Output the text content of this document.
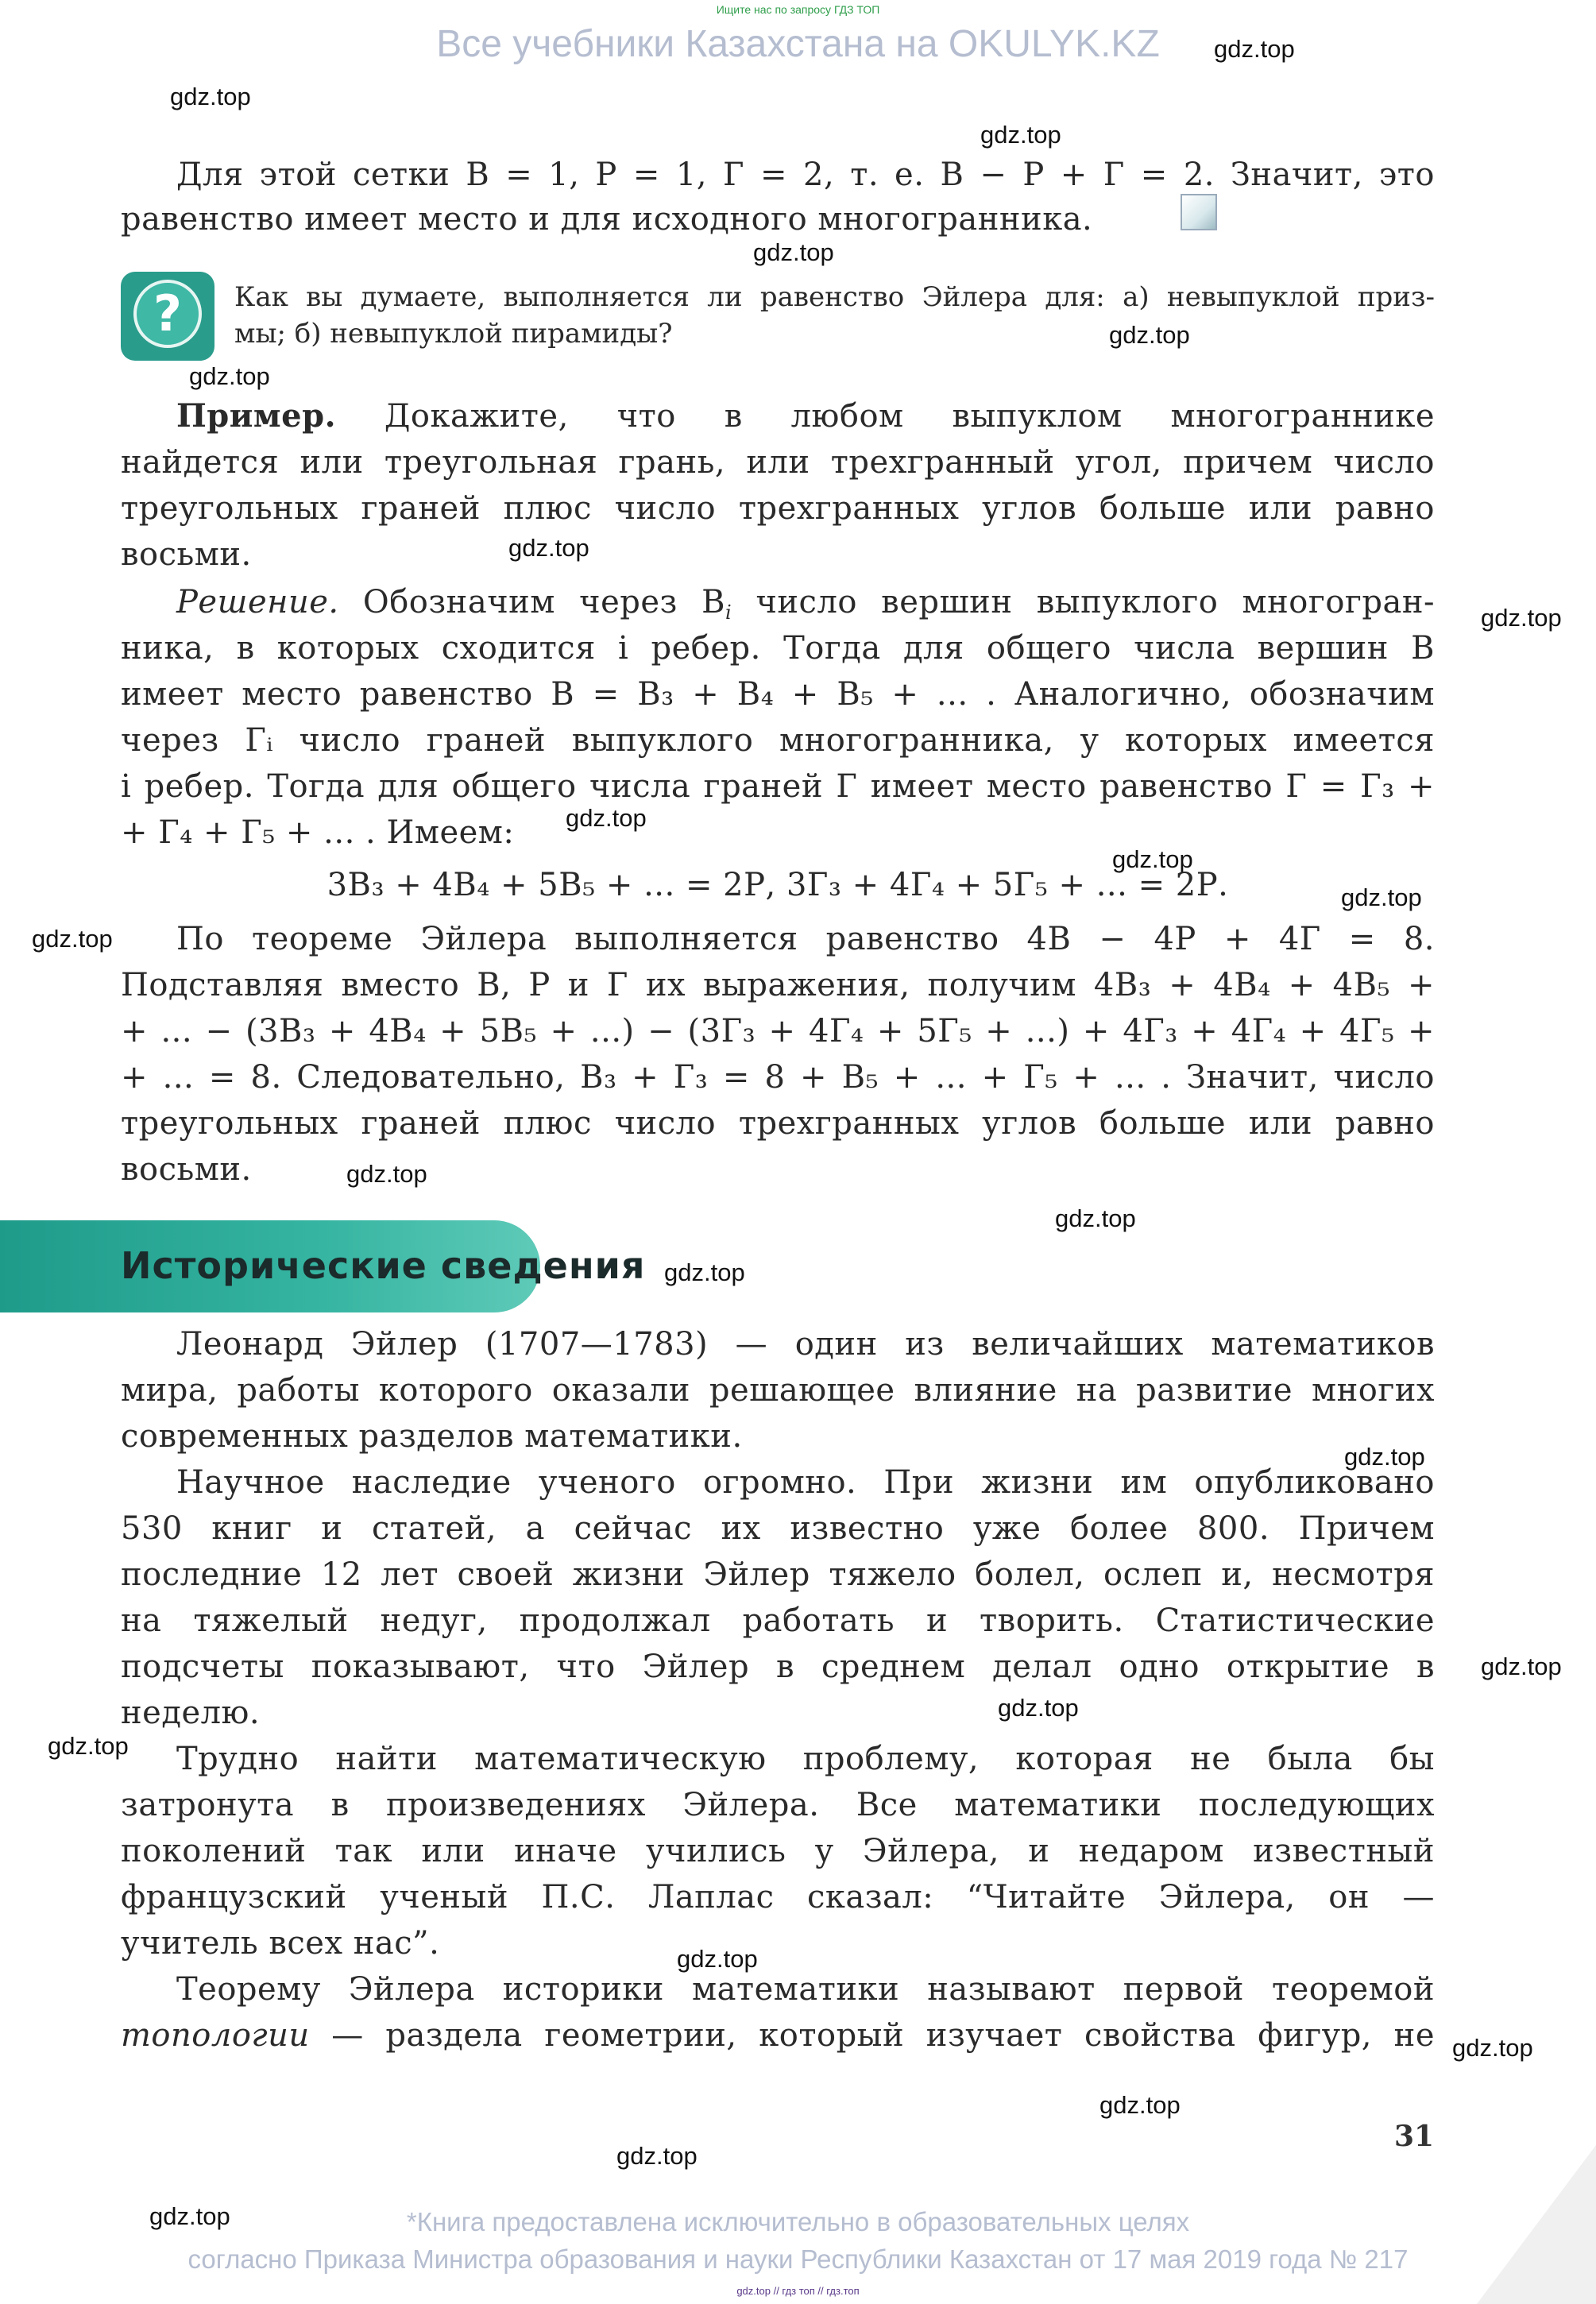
Ищите нас по запросу ГДЗ ТОП
Все учебники Казахстана на OKULYK.KZ	gdz.top
gdz.top
gdz.top
gdz.top
gdz.top
gdz.top
gdz.top
gdz.top
gdz.top
gdz.top
gdz.top
gdz.top
gdz.top
gdz.top
gdz.top
gdz.top
gdz.top
gdz.top
gdz.top
gdz.top
gdz.top
gdz.top
gdz.top
gdz.top
Для этой сетки В = 1, Р = 1, Г = 2, т. е. В − Р + Г = 2. Значит, это
равенство имеет место и для исходного многогранника.
?	Как вы думаете, выполняется ли равенство Эйлера для: а) невыпуклой приз-
мы; б) невыпуклой пирамиды?
Пример. Докажите, что в любом выпуклом многограннике
найдется или треугольная грань, или трехгранный угол, причем число
треугольных граней плюс число трехгранных углов больше или равно
восьми.
Решение. Обозначим через $В_i$ число вершин выпуклого многогран-
ника, в которых сходится i ребер. Тогда для общего числа вершин В
имеет место равенство В = В₃ + В₄ + В₅ + ... . Аналогично, обозначим
через Гᵢ число граней выпуклого многогранника, у которых имеется
i ребер. Тогда для общего числа граней Г имеет место равенство Г = Г₃ +
+ Г₄ + Г₅ + ... . Имеем:
3В₃ + 4В₄ + 5В₅ + ... = 2Р, 3Г₃ + 4Г₄ + 5Г₅ + ... = 2Р.
По теореме Эйлера выполняется равенство 4В − 4Р + 4Г = 8.
Подставляя вместо В, Р и Г их выражения, получим 4В₃ + 4В₄ + 4В₅ +
+ ... − (3В₃ + 4В₄ + 5В₅ + ...) − (3Г₃ + 4Г₄ + 5Г₅ + ...) + 4Г₃ + 4Г₄ + 4Г₅ +
+ ... = 8. Следовательно, В₃ + Г₃ = 8 + В₅ + ... + Г₅ + ... . Значит, число
треугольных граней плюс число трехгранных углов больше или равно
восьми.
Исторические сведения
Леонард Эйлер (1707—1783) — один из величайших математиков
мира, работы которого оказали решающее влияние на развитие многих
современных разделов математики.
Научное наследие ученого огромно. При жизни им опубликовано
530 книг и статей, а сейчас их известно уже более 800. Причем
последние 12 лет своей жизни Эйлер тяжело болел, ослеп и, несмотря
на тяжелый недуг, продолжал работать и творить. Статистические
подсчеты показывают, что Эйлер в среднем делал одно открытие в
неделю.
Трудно найти математическую проблему, которая не была бы
затронута в произведениях Эйлера. Все математики последующих
поколений так или иначе учились у Эйлера, и недаром известный
французский ученый П.С. Лаплас сказал: “Читайте Эйлера, он —
учитель всех нас”.
Теорему Эйлера историки математики называют первой теоремой
топологии — раздела геометрии, который изучает свойства фигур, не
31
*Книга предоставлена исключительно в образовательных целях
согласно Приказа Министра образования и науки Республики Казахстан от 17 мая 2019 года № 217
gdz.top // гдз топ // гдз.топ
